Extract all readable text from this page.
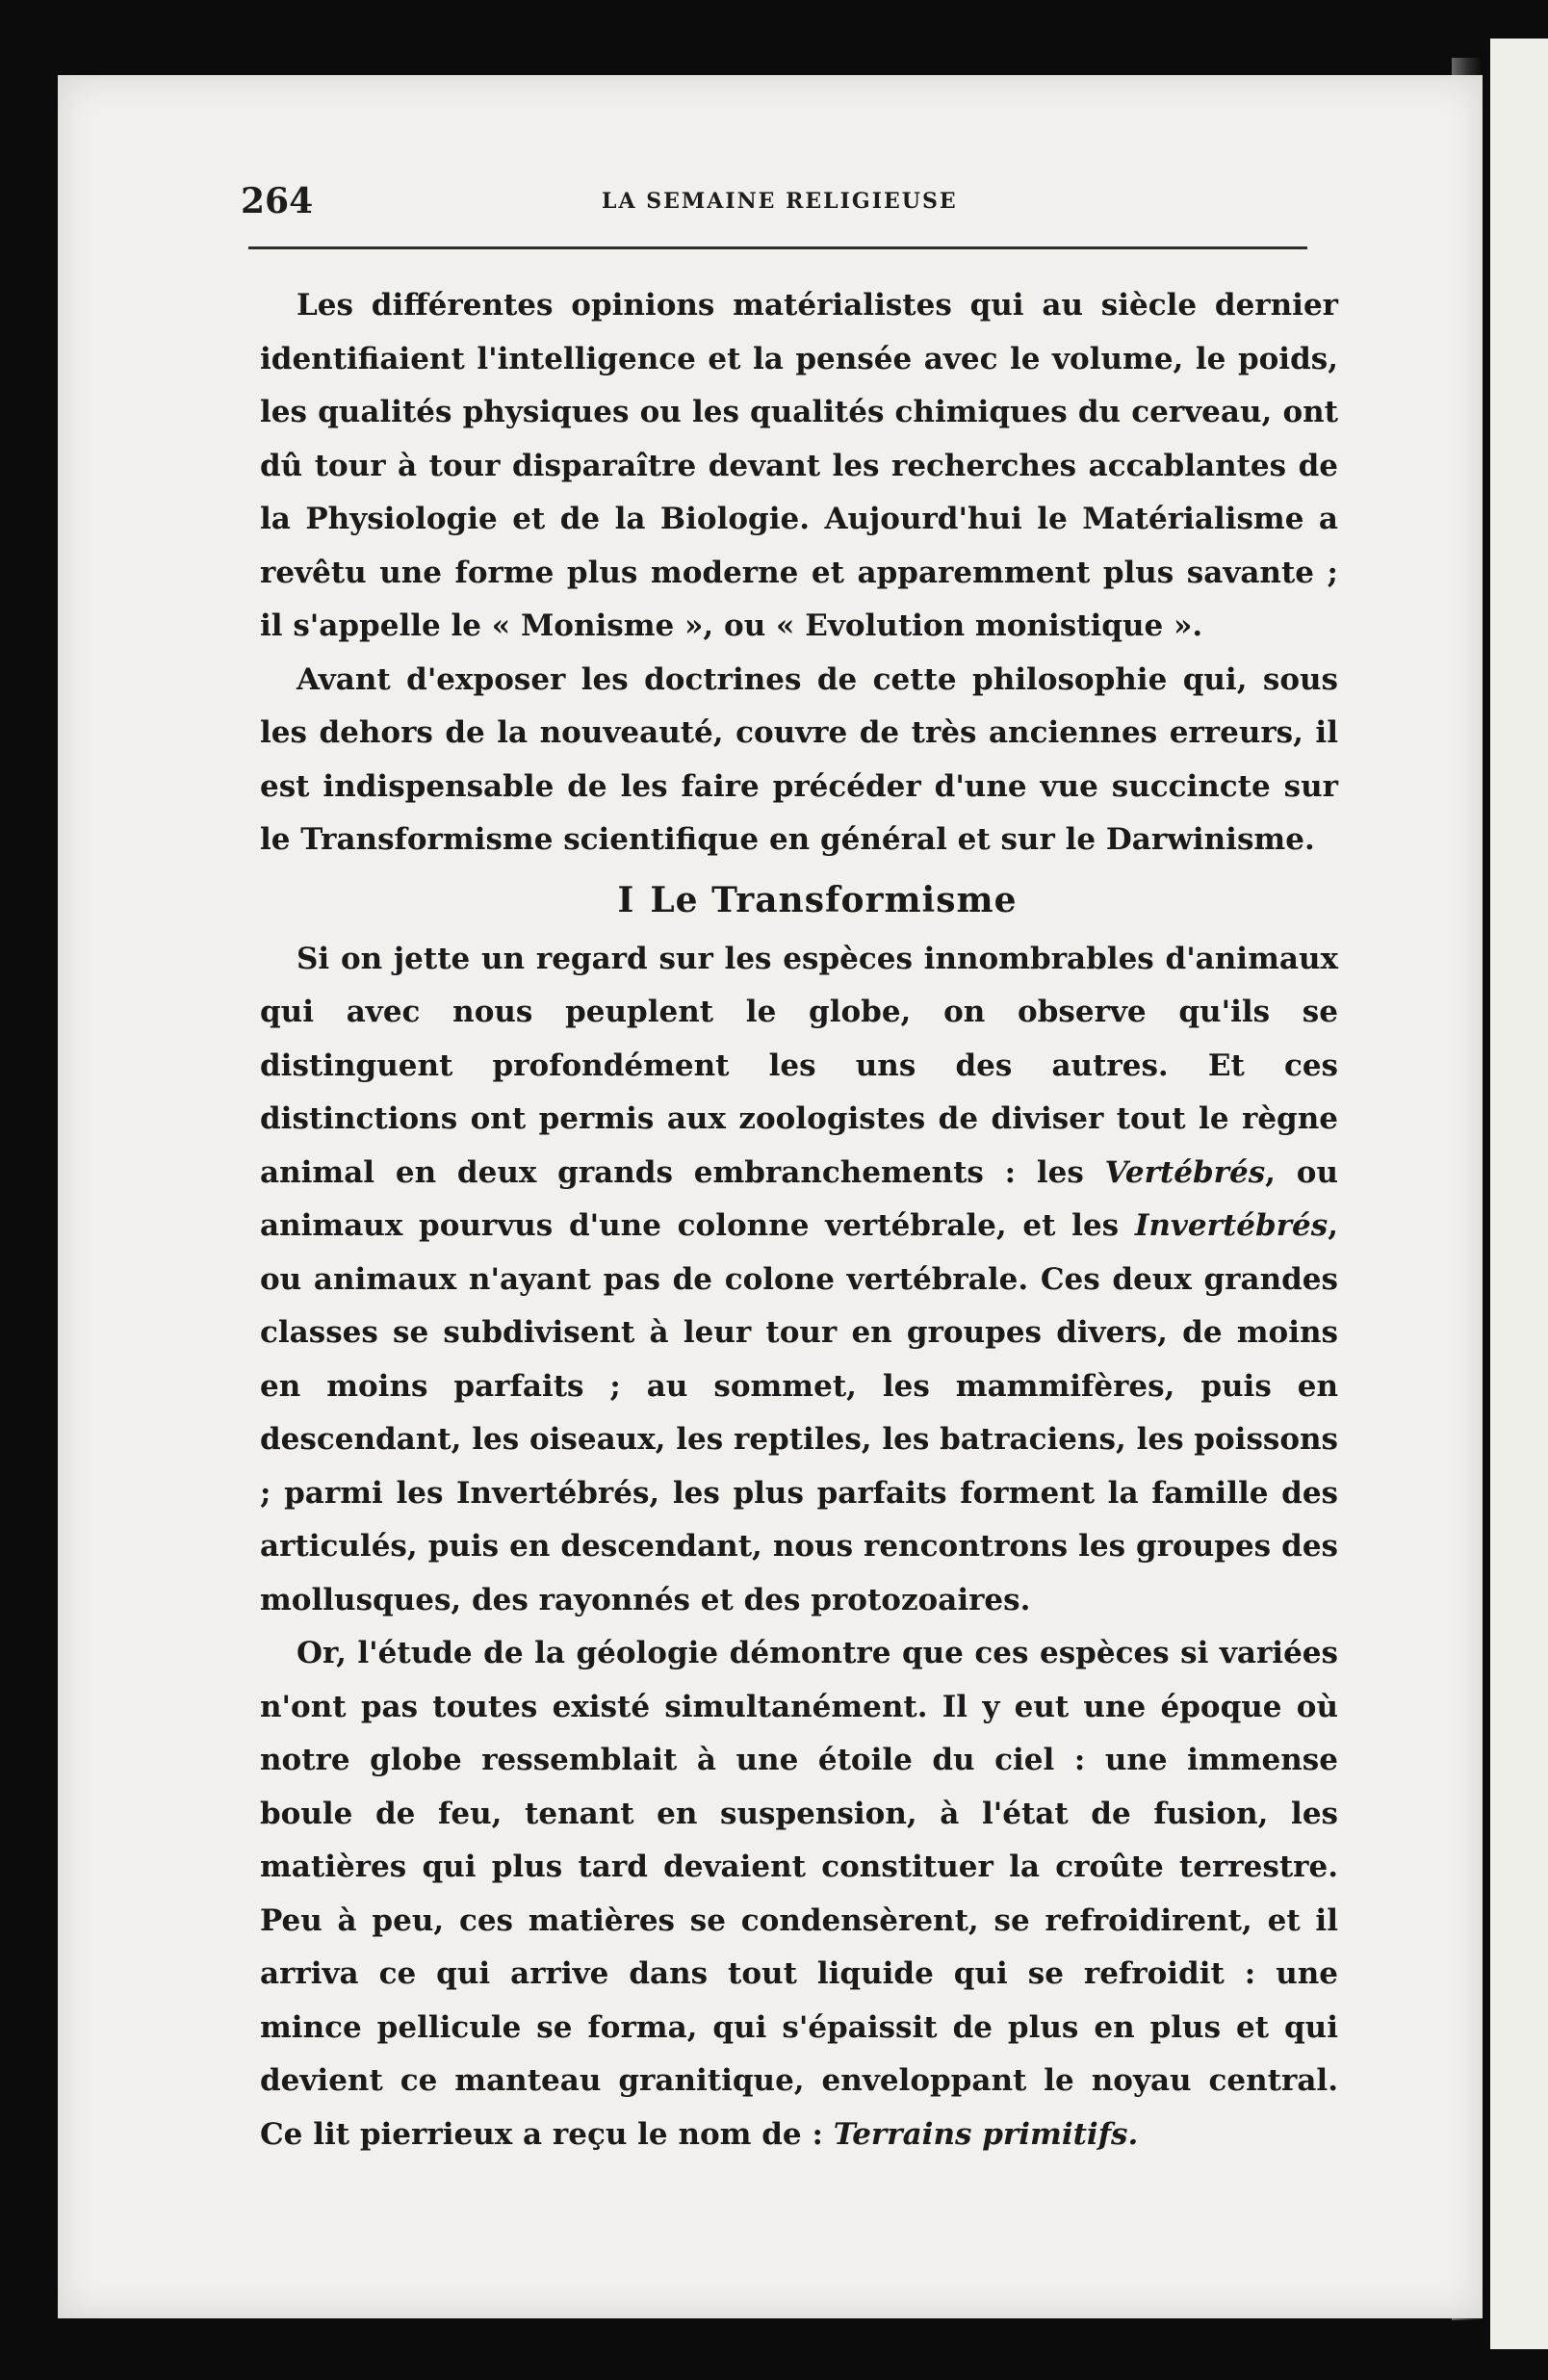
264	LA SEMAINE RELIGIEUSE

Les différentes opinions matérialistes qui au siècle dernier identifiaient l'intelligence et la pensée avec le volume, le poids, les qualités physiques ou les qualités chimiques du cerveau, ont dû tour à tour disparaître devant les recherches accablantes de la Physiologie et de la Biologie. Aujourd'hui le Matérialisme a revêtu une forme plus moderne et apparemment plus savante ; il s'appelle le « Monisme », ou « Evolution monistique ».

Avant d'exposer les doctrines de cette philosophie qui, sous les dehors de la nouveauté, couvre de très anciennes erreurs, il est indispensable de les faire précéder d'une vue succincte sur le Transformisme scientifique en général et sur le Darwinisme.

I Le Transformisme

Si on jette un regard sur les espèces innombrables d'animaux qui avec nous peuplent le globe, on observe qu'ils se distinguent profondément les uns des autres. Et ces distinctions ont permis aux zoologistes de diviser tout le règne animal en deux grands embranchements : les Vertébrés, ou animaux pourvus d'une colonne vertébrale, et les Invertébrés, ou animaux n'ayant pas de colone vertébrale. Ces deux grandes classes se subdivisent à leur tour en groupes divers, de moins en moins parfaits ; au sommet, les mammifères, puis en descendant, les oiseaux, les reptiles, les batraciens, les poissons ; parmi les Invertébrés, les plus parfaits forment la famille des articulés, puis en descendant, nous rencontrons les groupes des mollusques, des rayonnés et des protozoaires.

Or, l'étude de la géologie démontre que ces espèces si variées n'ont pas toutes existé simultanément. Il y eut une époque où notre globe ressemblait à une étoile du ciel : une immense boule de feu, tenant en suspension, à l'état de fusion, les matières qui plus tard devaient constituer la croûte terrestre. Peu à peu, ces matières se condensèrent, se refroidirent, et il arriva ce qui arrive dans tout liquide qui se refroidit : une mince pellicule se forma, qui s'épaissit de plus en plus et qui devient ce manteau granitique, enveloppant le noyau central. Ce lit pierrieux a reçu le nom de : Terrains primitifs.
